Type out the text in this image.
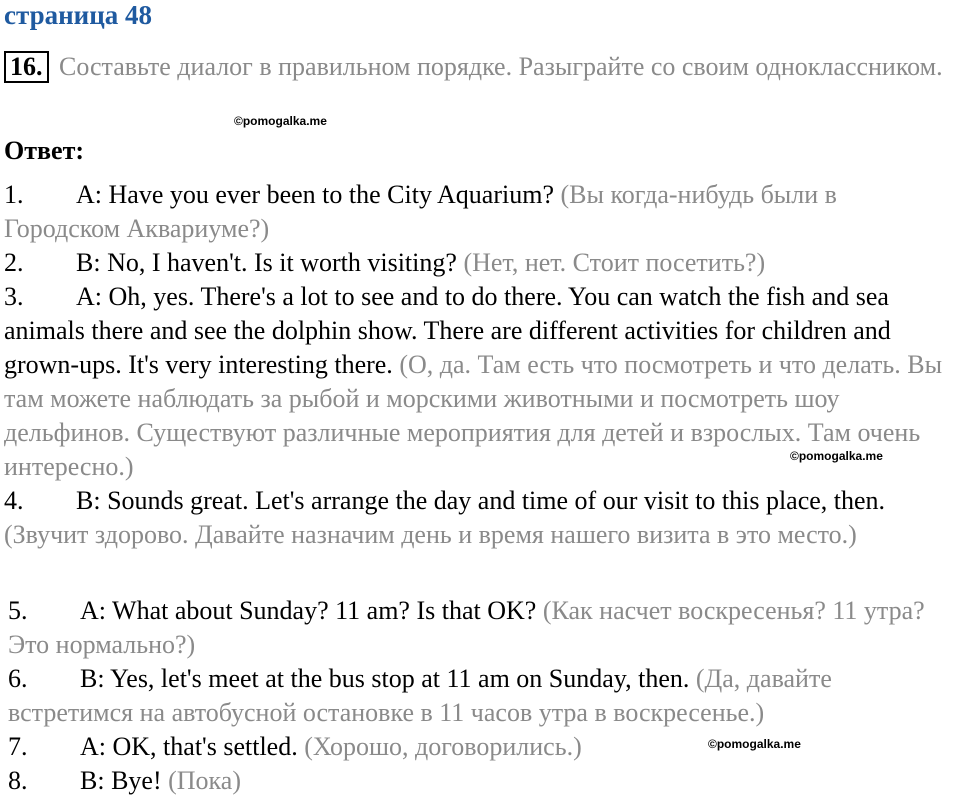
страница 48
16. Составьте диалог в правильном порядке. Разыграйте со своим одноклассником.
©pomogalka.me
Ответ:

1. A: Have you ever been to the City Aquarium? (Вы когда-нибудь были в Городском Аквариуме?)

2. B: No, I haven't. Is it worth visiting? (Нет, нет. Стоит посетить?)

3. A: Oh, yes. There's a lot to see and to do there. You can watch the fish and sea animals there and see the dolphin show. There are different activities for children and grown-ups. It's very interesting there. (О, да. Там есть что посмотреть и что делать. Вы там можете наблюдать за рыбой и морскими животными и посмотреть шоу дельфинов. Существуют различные мероприятия для детей и взрослых. Там очень интересно.)

4. B: Sounds great. Let's arrange the day and time of our visit to this place, then. (Звучит здорово. Давайте назначим день и время нашего визита в это место.)

©pomogalka.me

5. A: What about Sunday? 11 am? Is that OK? (Как насчет воскресенья? 11 утра? Это нормально?)

6. B: Yes, let's meet at the bus stop at 11 am on Sunday, then. (Да, давайте встретимся на автобусной остановке в 11 часов утра в воскресенье.)

7. A: OK, that's settled. (Хорошо, договорились.)

8. B: Bye! (Пока)

©pomogalka.me
